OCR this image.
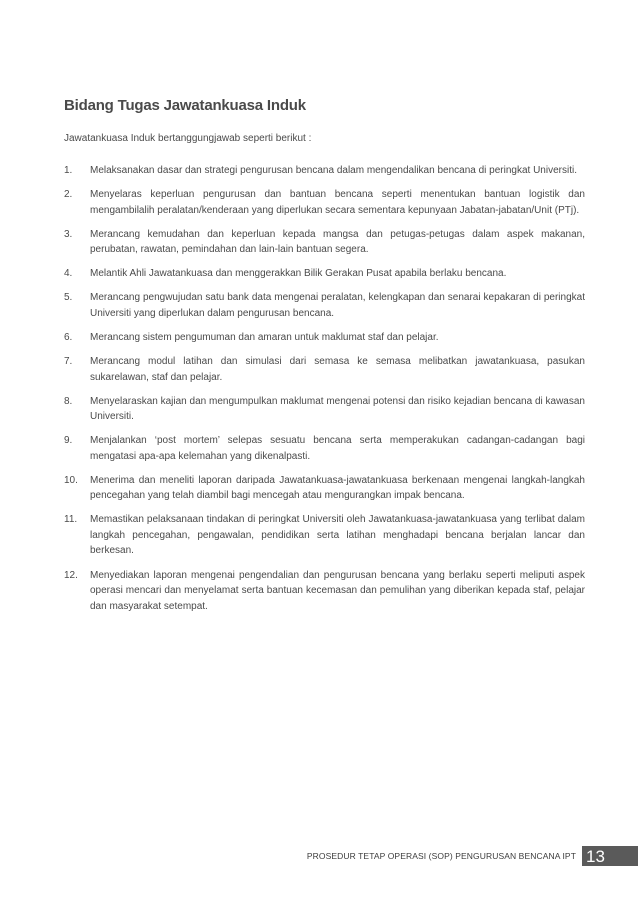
Bidang Tugas Jawatankuasa Induk
Jawatankuasa Induk bertanggungjawab seperti berikut :
1. Melaksanakan dasar dan strategi pengurusan bencana dalam mengendalikan bencana di peringkat Universiti.
2. Menyelaras keperluan pengurusan dan bantuan bencana seperti menentukan bantuan logistik dan mengambilalih peralatan/kenderaan yang diperlukan secara sementara kepunyaan Jabatan-jabatan/Unit (PTj).
3. Merancang kemudahan dan keperluan kepada mangsa dan petugas-petugas dalam aspek makanan, perubatan, rawatan, pemindahan dan lain-lain bantuan segera.
4. Melantik Ahli Jawatankuasa dan menggerakkan Bilik Gerakan Pusat apabila berlaku bencana.
5. Merancang pengwujudan satu bank data mengenai peralatan, kelengkapan dan senarai kepakaran di peringkat Universiti yang diperlukan dalam pengurusan bencana.
6. Merancang sistem pengumuman dan amaran untuk maklumat staf dan pelajar.
7. Merancang modul latihan dan simulasi dari semasa ke semasa melibatkan jawatankuasa, pasukan sukarelawan, staf dan pelajar.
8. Menyelaraskan kajian dan mengumpulkan maklumat mengenai potensi dan risiko kejadian bencana di kawasan Universiti.
9. Menjalankan ‘post mortem’ selepas sesuatu bencana serta memperakukan cadangan-cadangan bagi mengatasi apa-apa kelemahan yang dikenalpasti.
10. Menerima dan meneliti laporan daripada Jawatankuasa-jawatankuasa berkenaan mengenai langkah-langkah pencegahan yang telah diambil bagi mencegah atau mengurangkan impak bencana.
11. Memastikan pelaksanaan tindakan di peringkat Universiti oleh Jawatankuasa-jawatankuasa yang terlibat dalam langkah pencegahan, pengawalan, pendidikan serta latihan menghadapi bencana berjalan lancar dan berkesan.
12. Menyediakan laporan mengenai pengendalian dan pengurusan bencana yang berlaku seperti meliputi aspek operasi mencari dan menyelamat serta bantuan kecemasan dan pemulihan yang diberikan kepada staf, pelajar dan masyarakat setempat.
PROSEDUR TETAP OPERASI (SOP) PENGURUSAN BENCANA IPT 13
